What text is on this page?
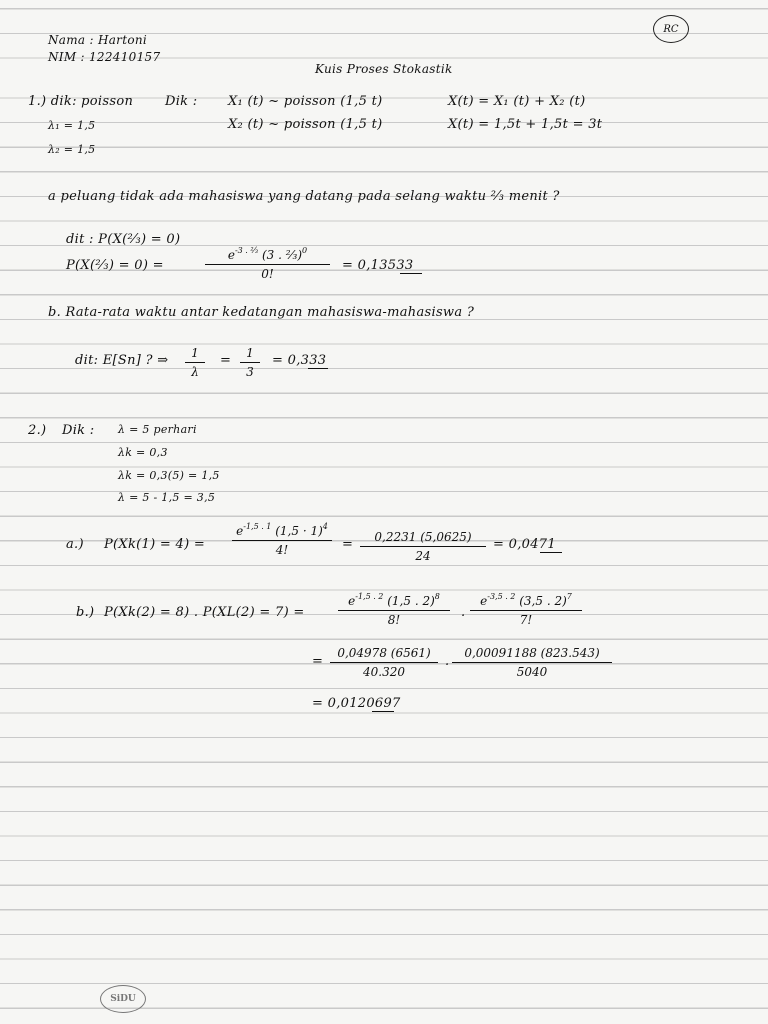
RC
Nama : Hartoni
NIM : 122410157
Kuis Proses Stokastik
1.) dik: poisson
λ₁ = 1,5
λ₂ = 1,5
Dik : X₁ (t) ~ poisson (1,5 t)
X₂ (t) ~ poisson (1,5 t)
X(t) = X₁ (t) + X₂ (t)
X(t) = 1,5t + 1,5t = 3t
a peluang tidak ada mahasiswa yang datang pada selang waktu ²⁄₃ menit ?
dit : P(X(²⁄₃) = 0)
P(X(²⁄₃) = 0) =
$e^{-3 . ^2⁄_3}$ (3 . ²⁄₃)$^0$
0!
= 0,13533
b. Rata-rata waktu antar kedatangan mahasiswa-mahasiswa ?
dit: E[Sn] ? ⇒ 1
λ
= 1
3
= 0,333
2.) Dik : λ = 5 perhari
λk = 0,3
λk = 0,3(5) = 1,5
λ = 5 - 1,5 = 3,5
a.) P(Xk(1) = 4) =
$e^{-1,5 . 1}$ $(1,5 \cdot 1)^4$
4!	= 0,2231 (5,0625)
24
= 0,0471
b.) P(Xk(2) = 8) . P(XL(2) = 7) =
$e^{-1,5 . 2}$ (1,5 . 2)$^8$
8!	.
$e^{-3,5 . 2}$ (3,5 . 2)$^7$
7!
=
0,04978 (6561)
40.320
.
0,00091188 (823.543)
5040
= 0,0120697
SiDU
